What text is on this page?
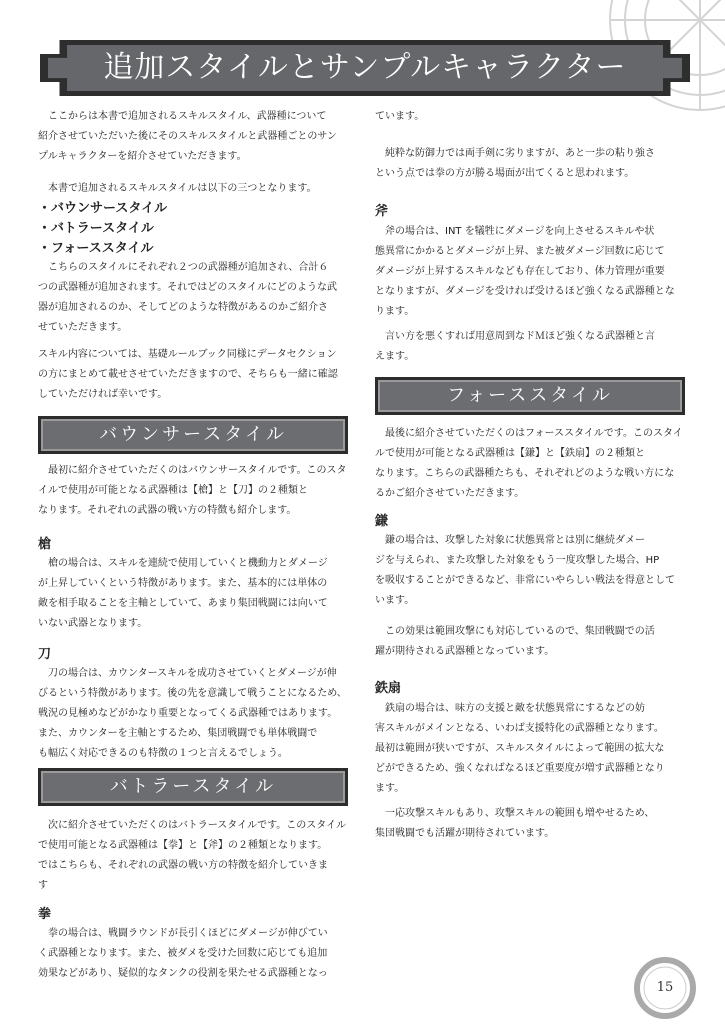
追加スタイルとサンプルキャラクター
　ここからは本書で追加されるスキルスタイル、武器種について
紹介させていただいた後にそのスキルスタイルと武器種ごとのサン
プルキャラクターを紹介させていただきます。
　本書で追加されるスキルスタイルは以下の三つとなります。
・バウンサースタイル
・バトラースタイル
・フォーススタイル
　こちらのスタイルにそれぞれ２つの武器種が追加され、合計６
つの武器種が追加されます。それではどのスタイルにどのような武
器が追加されるのか、そしてどのような特徴があるのかご紹介さ
せていただきます。
スキル内容については、基礎ルールブック同様にデータセクション
の方にまとめて載せさせていただきますので、そちらも一緒に確認
していただければ幸いです。
バウンサースタイル
　最初に紹介させていただくのはバウンサースタイルです。このスタ
イルで使用が可能となる武器種は【槍】と【刀】の２種類と
なります。それぞれの武器の戦い方の特徴も紹介します。
槍
　槍の場合は、スキルを連続で使用していくと機動力とダメージ
が上昇していくという特徴があります。また、基本的には単体の
敵を相手取ることを主軸としていて、あまり集団戦闘には向いて
いない武器となります。
刀
　刀の場合は、カウンタースキルを成功させていくとダメージが伸
びるという特徴があります。後の先を意識して戦うことになるため、
戦況の見極めなどがかなり重要となってくる武器種ではあります。
また、カウンターを主軸とするため、集団戦闘でも単体戦闘で
も幅広く対応できるのも特徴の１つと言えるでしょう。
バトラースタイル
　次に紹介させていただくのはバトラースタイルです。このスタイル
で使用可能となる武器種は【拳】と【斧】の２種類となります。
ではこちらも、それぞれの武器の戦い方の特徴を紹介していきま
す
拳
　拳の場合は、戦闘ラウンドが長引くほどにダメージが伸びてい
く武器種となります。また、被ダメを受けた回数に応じても追加
効果などがあり、疑似的なタンクの役割を果たせる武器種となっ
ています。
　純粋な防御力では両手剣に劣りますが、あと一歩の粘り強さ
という点では拳の方が勝る場面が出てくると思われます。
斧
　斧の場合は、INT を犠牲にダメージを向上させるスキルや状
態異常にかかるとダメージが上昇、また被ダメージ回数に応じて
ダメージが上昇するスキルなども存在しており、体力管理が重要
となりますが、ダメージを受ければ受けるほど強くなる武器種とな
ります。
　言い方を悪くすれば用意周到なドＭほど強くなる武器種と言
えます。
フォーススタイル
　最後に紹介させていただくのはフォーススタイルです。このスタイ
ルで使用が可能となる武器種は【鎌】と【鉄扇】の２種類と
なります。こちらの武器種たちも、それぞれどのような戦い方にな
るかご紹介させていただきます。
鎌
　鎌の場合は、攻撃した対象に状態異常とは別に継続ダメー
ジを与えられ、また攻撃した対象をもう一度攻撃した場合、HP
を吸収することができるなど、非常にいやらしい戦法を得意として
います。
　この効果は範囲攻撃にも対応しているので、集団戦闘での活
躍が期待される武器種となっています。
鉄扇
　鉄扇の場合は、味方の支援と敵を状態異常にするなどの妨
害スキルがメインとなる、いわば支援特化の武器種となります。
最初は範囲が狭いですが、スキルスタイルによって範囲の拡大な
どができるため、強くなればなるほど重要度が増す武器種となり
ます。
　一応攻撃スキルもあり、攻撃スキルの範囲も増やせるため、
集団戦闘でも活躍が期待されています。
15
